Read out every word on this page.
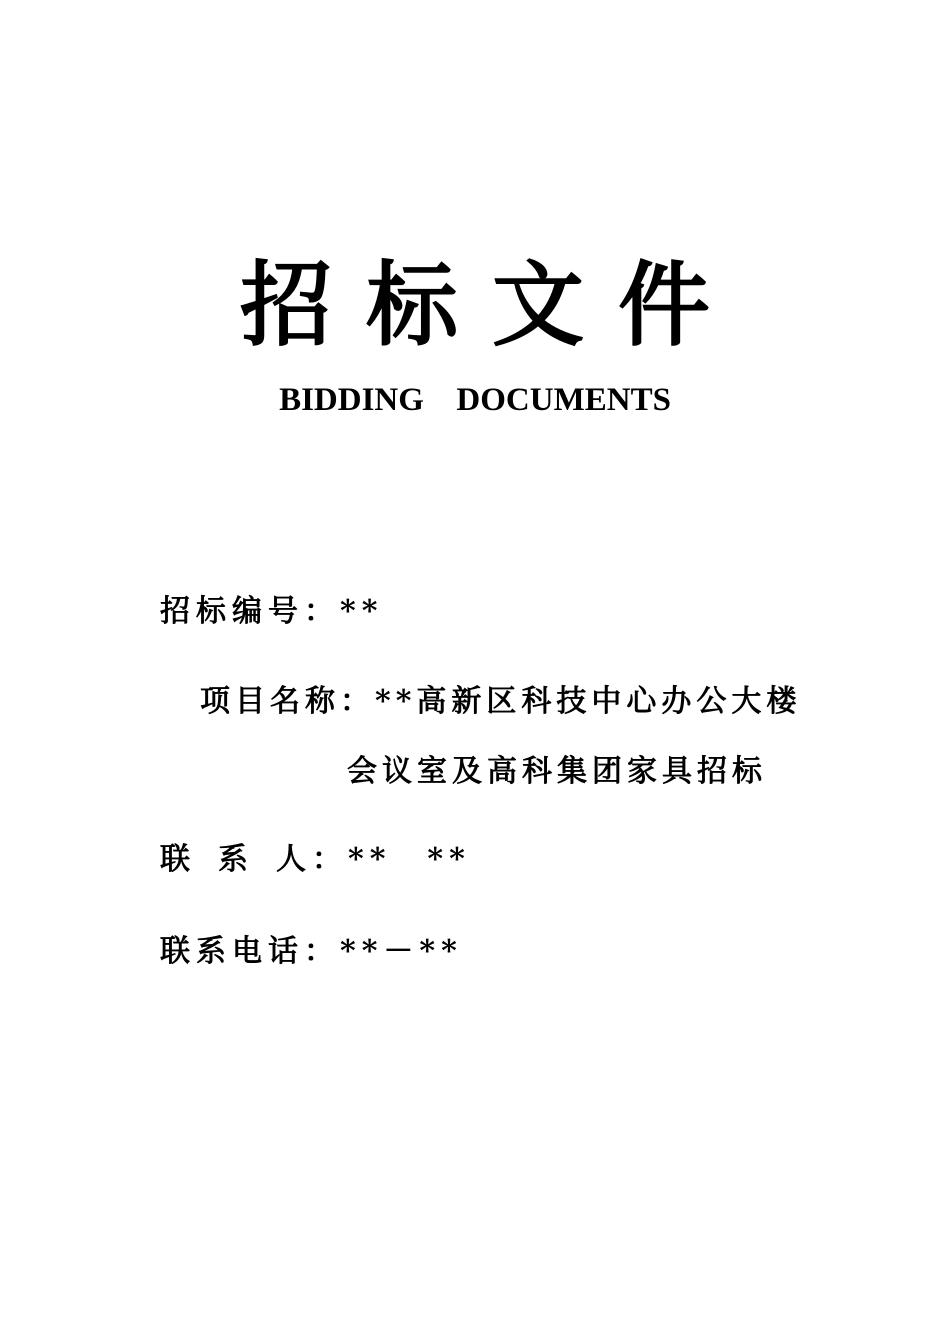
招标文件
BIDDING  DOCUMENTS
招标编号：**
项目名称：**高新区科技中心办公大楼
会议室及高科集团家具招标
联 系 人：** **
联系电话：**－**
